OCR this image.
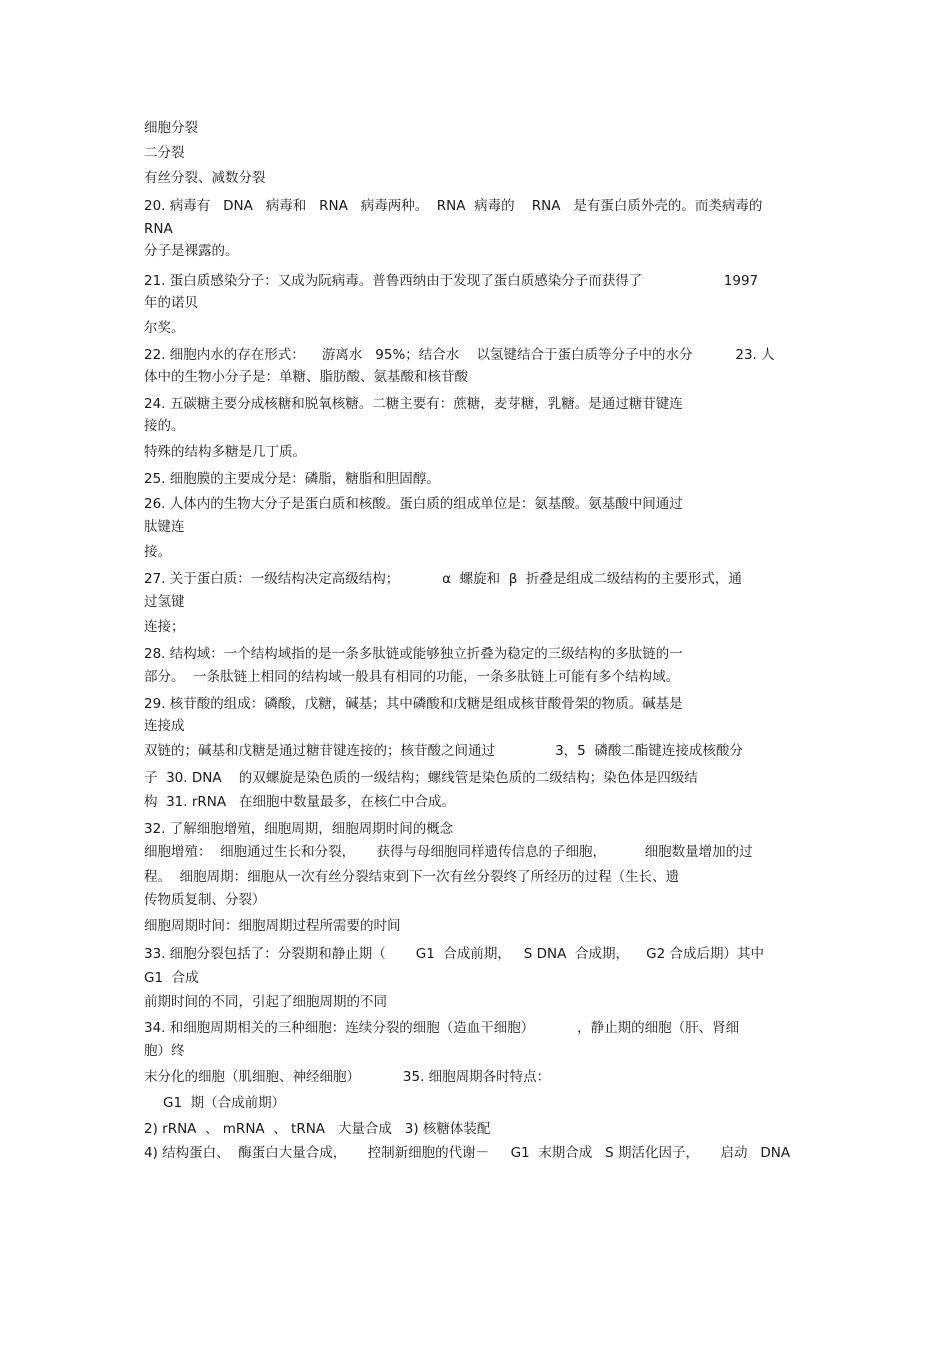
细胞分裂

二分裂

有丝分裂、减数分裂

20. 病毒有   DNA   病毒和   RNA   病毒两种。  RNA  病毒的    RNA   是有蛋白质外壳的。而类病毒的

RNA

分子是裸露的。

21. 蛋白质感染分子：又成为阮病毒。普鲁西纳由于发现了蛋白质感染分子而获得了                   1997

年的诺贝

尔奖。

22. 细胞内水的存在形式：    游离水   95%；结合水    以氢键结合于蛋白质等分子中的水分          23. 人

体中的生物小分子是：单糖、脂肪酸、氨基酸和核苷酸

24. 五碳糖主要分成核糖和脱氧核糖。二糖主要有：蔗糖，麦芽糖，乳糖。是通过糖苷键连

接的。

特殊的结构多糖是几丁质。

25. 细胞膜的主要成分是：磷脂，糖脂和胆固醇。

26. 人体内的生物大分子是蛋白质和核酸。蛋白质的组成单位是：氨基酸。氨基酸中间通过

肽键连

接。

27. 关于蛋白质：一级结构决定高级结构；          α  螺旋和  β  折叠是组成二级结构的主要形式，通

过氢键

连接；

28. 结构域：一个结构域指的是一条多肽链或能够独立折叠为稳定的三级结构的多肽链的一

部分。  一条肽链上相同的结构域一般具有相同的功能，一条多肽链上可能有多个结构域。

29. 核苷酸的组成：磷酸，戊糖，碱基；其中磷酸和戊糖是组成核苷酸骨架的物质。碱基是

连接成

双链的；碱基和戊糖是通过糖苷键连接的；核苷酸之间通过              3，5  磷酸二酯键连接成核酸分

子  30. DNA    的双螺旋是染色质的一级结构；螺线管是染色质的二级结构；染色体是四级结

构  31. rRNA   在细胞中数量最多，在核仁中合成。

32. 了解细胞增殖，细胞周期，细胞周期时间的概念

细胞增殖：  细胞通过生长和分裂，     获得与母细胞同样遗传信息的子细胞，         细胞数量增加的过

程。  细胞周期：细胞从一次有丝分裂结束到下一次有丝分裂终了所经历的过程（生长、遗

传物质复制、分裂）

细胞周期时间：细胞周期过程所需要的时间

33. 细胞分裂包括了：分裂期和静止期（       G1  合成前期，   S DNA  合成期，    G2 合成后期）其中

G1  合成

前期时间的不同，引起了细胞周期的不同

34. 和细胞周期相关的三种细胞：连续分裂的细胞（造血干细胞）          ，静止期的细胞（肝、肾细

胞）终

末分化的细胞（肌细胞、神经细胞）          35. 细胞周期各时特点：

G1  期（合成前期）

2) rRNA  、 mRNA  、 tRNA   大量合成   3) 核糖体装配

4) 结构蛋白、  酶蛋白大量合成，     控制新细胞的代谢－     G1  末期合成   S 期活化因子，     启动   DNA
